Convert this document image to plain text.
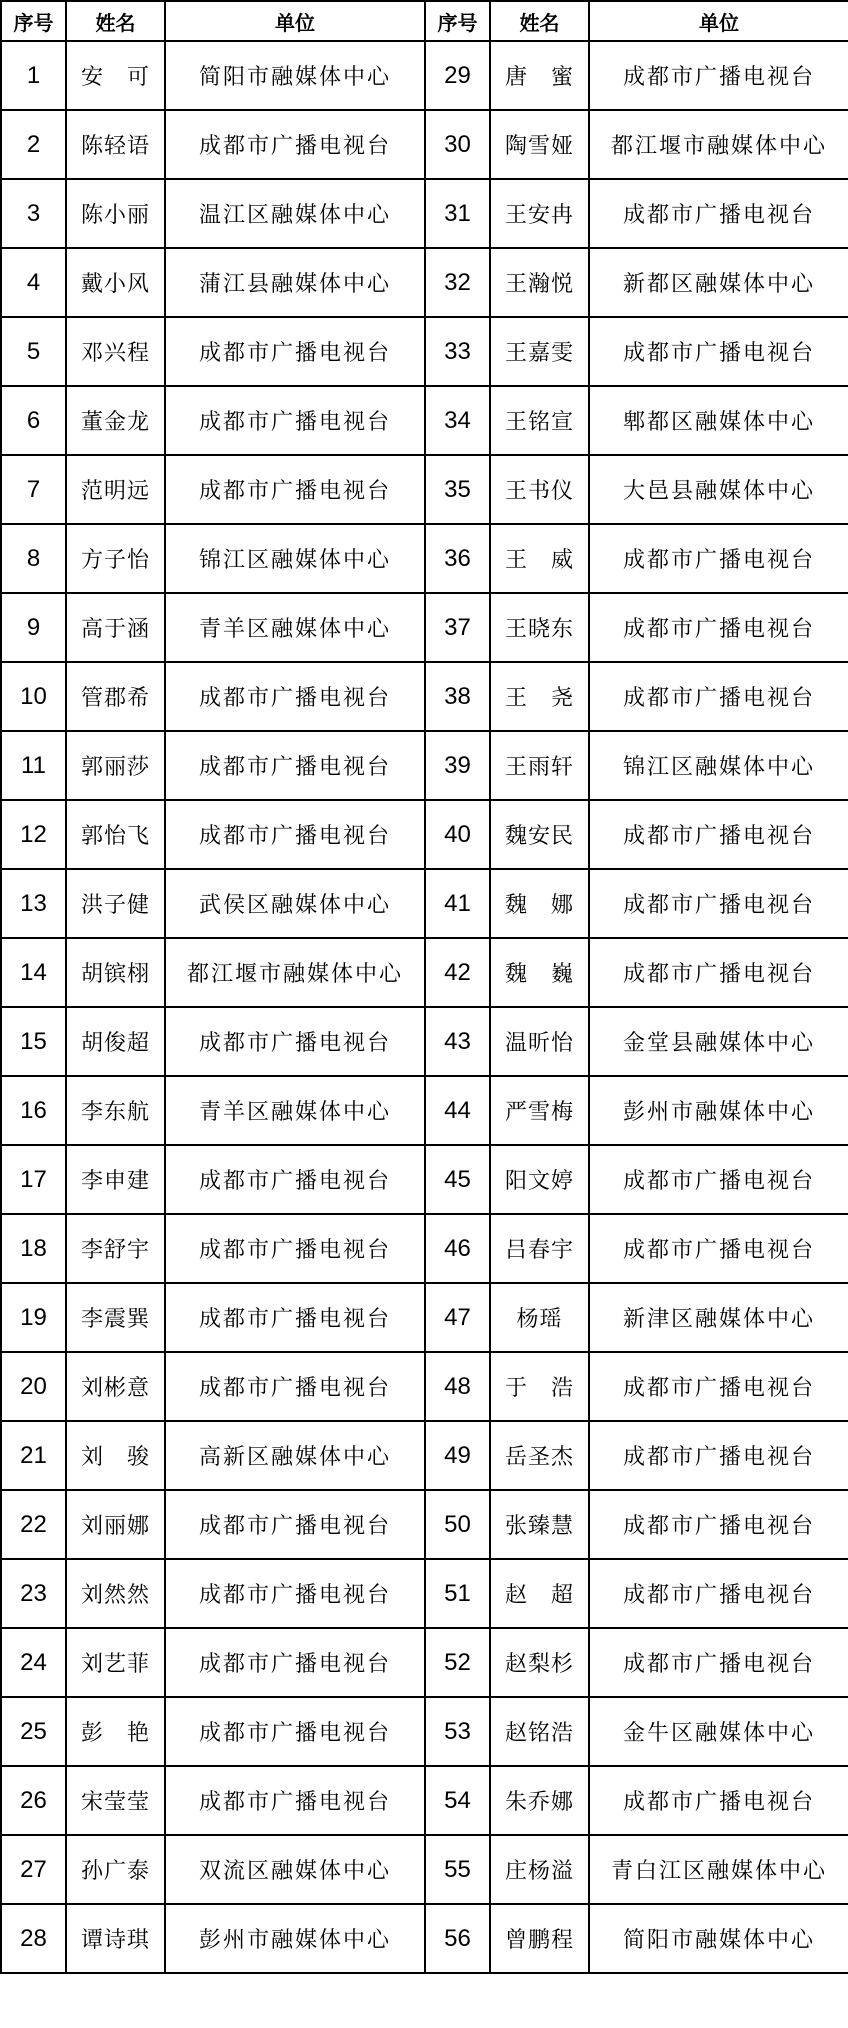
序号	姓名	单位	序号	姓名	单位
1	安　可	简阳市融媒体中心	29	唐　蜜	成都市广播电视台
2	陈轻语	成都市广播电视台	30	陶雪娅	都江堰市融媒体中心
3	陈小丽	温江区融媒体中心	31	王安冉	成都市广播电视台
4	戴小风	蒲江县融媒体中心	32	王瀚悦	新都区融媒体中心
5	邓兴程	成都市广播电视台	33	王嘉雯	成都市广播电视台
6	董金龙	成都市广播电视台	34	王铭宣	郫都区融媒体中心
7	范明远	成都市广播电视台	35	王书仪	大邑县融媒体中心
8	方子怡	锦江区融媒体中心	36	王　威	成都市广播电视台
9	高于涵	青羊区融媒体中心	37	王晓东	成都市广播电视台
10	管郡希	成都市广播电视台	38	王　尧	成都市广播电视台
11	郭丽莎	成都市广播电视台	39	王雨轩	锦江区融媒体中心
12	郭怡飞	成都市广播电视台	40	魏安民	成都市广播电视台
13	洪子健	武侯区融媒体中心	41	魏　娜	成都市广播电视台
14	胡镔栩	都江堰市融媒体中心	42	魏　巍	成都市广播电视台
15	胡俊超	成都市广播电视台	43	温昕怡	金堂县融媒体中心
16	李东航	青羊区融媒体中心	44	严雪梅	彭州市融媒体中心
17	李申建	成都市广播电视台	45	阳文婷	成都市广播电视台
18	李舒宇	成都市广播电视台	46	吕春宇	成都市广播电视台
19	李震巽	成都市广播电视台	47	杨瑶	新津区融媒体中心
20	刘彬意	成都市广播电视台	48	于　浩	成都市广播电视台
21	刘　骏	高新区融媒体中心	49	岳圣杰	成都市广播电视台
22	刘丽娜	成都市广播电视台	50	张臻慧	成都市广播电视台
23	刘然然	成都市广播电视台	51	赵　超	成都市广播电视台
24	刘艺菲	成都市广播电视台	52	赵梨杉	成都市广播电视台
25	彭　艳	成都市广播电视台	53	赵铭浩	金牛区融媒体中心
26	宋莹莹	成都市广播电视台	54	朱乔娜	成都市广播电视台
27	孙广泰	双流区融媒体中心	55	庄杨溢	青白江区融媒体中心
28	谭诗琪	彭州市融媒体中心	56	曾鹏程	简阳市融媒体中心
